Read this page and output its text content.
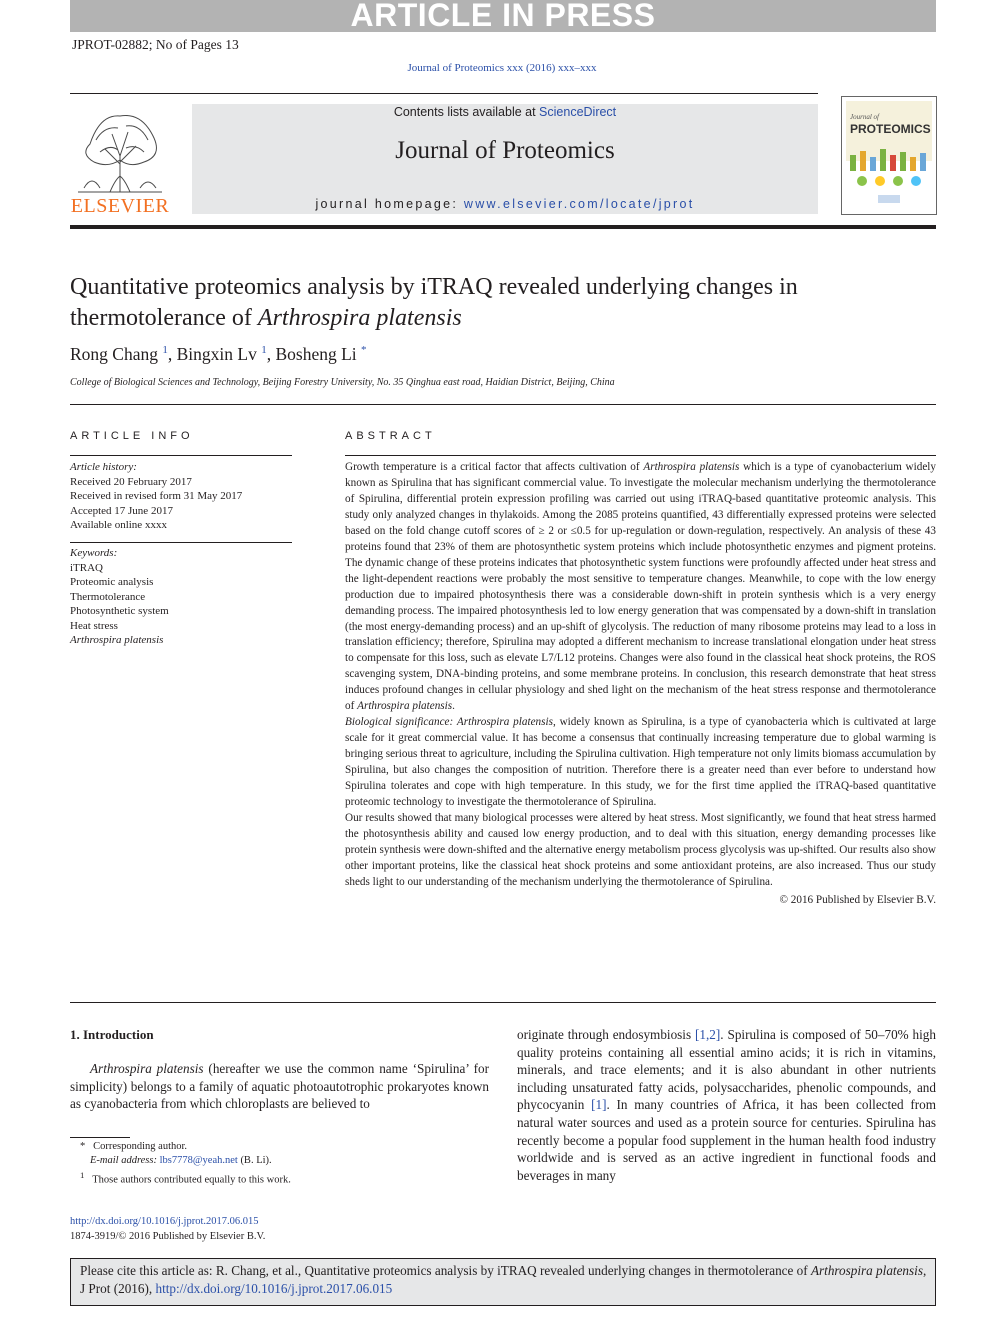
ARTICLE IN PRESS
JPROT-02882; No of Pages 13
Journal of Proteomics xxx (2016) xxx–xxx
ELSEVIER
Contents lists available at ScienceDirect
Journal of Proteomics
journal homepage: www.elsevier.com/locate/jprot
Journal of
PROTEOMICS
Quantitative proteomics analysis by iTRAQ revealed underlying changes in thermotolerance of Arthrospira platensis
Rong Chang $^1$, Bingxin Lv $^1$, Bosheng Li *
College of Biological Sciences and Technology, Beijing Forestry University, No. 35 Qinghua east road, Haidian District, Beijing, China
ARTICLE INFO
Article history:
Received 20 February 2017
Received in revised form 31 May 2017
Accepted 17 June 2017
Available online xxxx
Keywords:
iTRAQ
Proteomic analysis
Thermotolerance
Photosynthetic system
Heat stress
Arthrospira platensis
ABSTRACT

Growth temperature is a critical factor that affects cultivation of Arthrospira platensis which is a type of cyanobacterium widely known as Spirulina that has significant commercial value. To investigate the molecular mechanism underlying the thermotolerance of Spirulina, differential protein expression profiling was carried out using iTRAQ-based quantitative proteomic analysis. This study only analyzed changes in thylakoids. Among the 2085 proteins quantified, 43 differentially expressed proteins were selected based on the fold change cutoff scores of ≥ 2 or ≤0.5 for up-regulation or down-regulation, respectively. An analysis of these 43 proteins found that 23% of them are photosynthetic system proteins which include photosynthetic enzymes and pigment proteins. The dynamic change of these proteins indicates that photosynthetic system functions were profoundly affected under heat stress and the light-dependent reactions were probably the most sensitive to temperature changes. Meanwhile, to cope with the low energy production due to impaired photosynthesis there was a considerable down-shift in protein synthesis which is a very energy demanding process. The impaired photosynthesis led to low energy generation that was compensated by a down-shift in translation (the most energy-demanding process) and an up-shift of glycolysis. The reduction of many ribosome proteins may lead to a loss in translation efficiency; therefore, Spirulina may adopted a different mechanism to increase translational elongation under heat stress to compensate for this loss, such as elevate L7/L12 proteins. Changes were also found in the classical heat shock proteins, the ROS scavenging system, DNA-binding proteins, and some membrane proteins. In conclusion, this research demonstrate that heat stress induces profound changes in cellular physiology and shed light on the mechanism of the heat stress response and thermotolerance of Arthrospira platensis.

Biological significance: Arthrospira platensis, widely known as Spirulina, is a type of cyanobacteria which is cultivated at large scale for it great commercial value. It has become a consensus that continually increasing temperature due to global warming is bringing serious threat to agriculture, including the Spirulina cultivation. High temperature not only limits biomass accumulation by Spirulina, but also changes the composition of nutrition. Therefore there is a greater need than ever before to understand how Spirulina tolerates and cope with high temperature. In this study, we for the first time applied the iTRAQ-based quantitative proteomic technology to investigate the thermotolerance of Spirulina.

Our results showed that many biological processes were altered by heat stress. Most significantly, we found that heat stress harmed the photosynthesis ability and caused low energy production, and to deal with this situation, energy demanding processes like protein synthesis were down-shifted and the alternative energy metabolism process glycolysis was up-shifted. Our results also show other important proteins, like the classical heat shock proteins and some antioxidant proteins, are also increased. Thus our study sheds light to our understanding of the mechanism underlying the thermotolerance of Spirulina.

© 2016 Published by Elsevier B.V.

1. Introduction
Arthrospira platensis (hereafter we use the common name ‘Spirulina’ for simplicity) belongs to a family of aquatic photoautotrophic prokaryotes known as cyanobacteria from which chloroplasts are believed to
originate through endosymbiosis [1,2]. Spirulina is composed of 50–70% high quality proteins containing all essential amino acids; it is rich in vitamins, minerals, and trace elements; and it is also abundant in other nutrients including unsaturated fatty acids, polysaccharides, phenolic compounds, and phycocyanin [1]. In many countries of Africa, it has been collected from natural water sources and used as a protein source for centuries. Spirulina has recently become a popular food supplement in the human health food industry worldwide and is served as an active ingredient in functional foods and beverages in many
* Corresponding author.
E-mail address: lbs7778@yeah.net (B. Li).
$^1$ Those authors contributed equally to this work.
http://dx.doi.org/10.1016/j.jprot.2017.06.015
1874-3919/© 2016 Published by Elsevier B.V.
Please cite this article as: R. Chang, et al., Quantitative proteomics analysis by iTRAQ revealed underlying changes in thermotolerance of Arthrospira platensis, J Prot (2016), http://dx.doi.org/10.1016/j.jprot.2017.06.015
